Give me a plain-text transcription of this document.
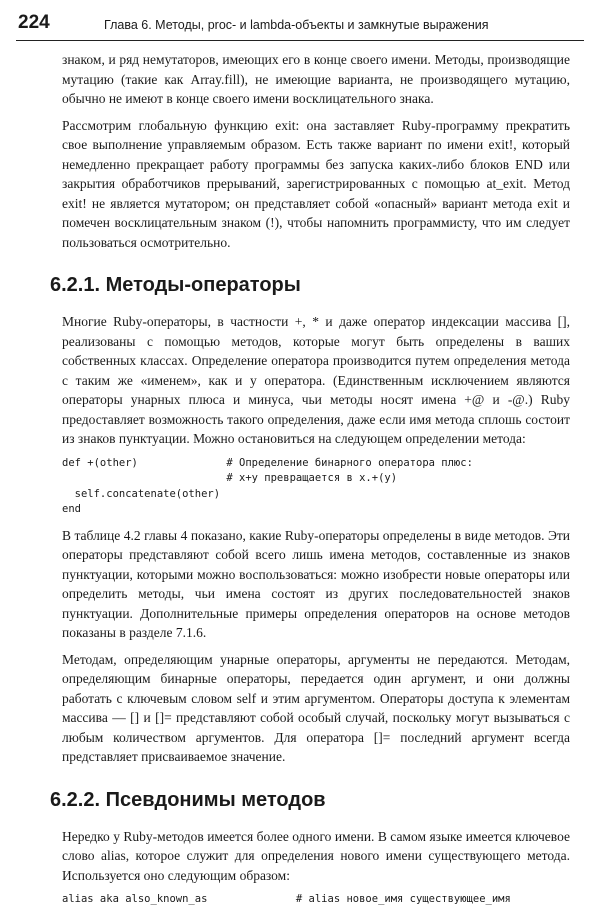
224	Глава 6. Методы, proc- и lambda-объекты и замкнутые выражения

знаком, и ряд немутаторов, имеющих его в конце своего имени. Методы, производящие мутацию (такие как Array.fill), не имеющие варианта, не производящего мутацию, обычно не имеют в конце своего имени восклицательного знака.

Рассмотрим глобальную функцию exit: она заставляет Ruby-программу прекратить свое выполнение управляемым образом. Есть также вариант по имени exit!, который немедленно прекращает работу программы без запуска каких-либо блоков END или закрытия обработчиков прерываний, зарегистрированных с помощью at_exit. Метод exit! не является мутатором; он представляет собой «опасный» вариант метода exit и помечен восклицательным знаком (!), чтобы напомнить программисту, что им следует пользоваться осмотрительно.

6.2.1. Методы-операторы

Многие Ruby-операторы, в частности +, * и даже оператор индексации массива [], реализованы с помощью методов, которые могут быть определены в ваших собственных классах. Определение оператора производится путем определения метода с таким же «именем», как и у оператора. (Единственным исключением являются операторы унарных плюса и минуса, чьи методы носят имена +@ и -@.) Ruby предоставляет возможность такого определения, даже если имя метода сплошь состоит из знаков пунктуации. Можно остановиться на следующем определении метода:

def +(other)              # Определение бинарного оператора плюс:
# x+y превращается в x.+(y)
self.concatenate(other)
end

В таблице 4.2 главы 4 показано, какие Ruby-операторы определены в виде методов. Эти операторы представляют собой всего лишь имена методов, составленные из знаков пунктуации, которыми можно воспользоваться: можно изобрести новые операторы или определить методы, чьи имена состоят из других последовательностей знаков пунктуации. Дополнительные примеры определения операторов на основе методов показаны в разделе 7.1.6.

Методам, определяющим унарные операторы, аргументы не передаются. Методам, определяющим бинарные операторы, передается один аргумент, и они должны работать с ключевым словом self и этим аргументом. Операторы доступа к элементам массива — [] и []= представляют собой особый случай, поскольку могут вызываться с любым количеством аргументов. Для оператора []= последний аргумент всегда представляет присваиваемое значение.

6.2.2. Псевдонимы методов

Нередко у Ruby-методов имеется более одного имени. В самом языке имеется ключевое слово alias, которое служит для определения нового имени существующего метода. Используется оно следующим образом:

alias aka also_known_as              # alias новое_имя существующее_имя
